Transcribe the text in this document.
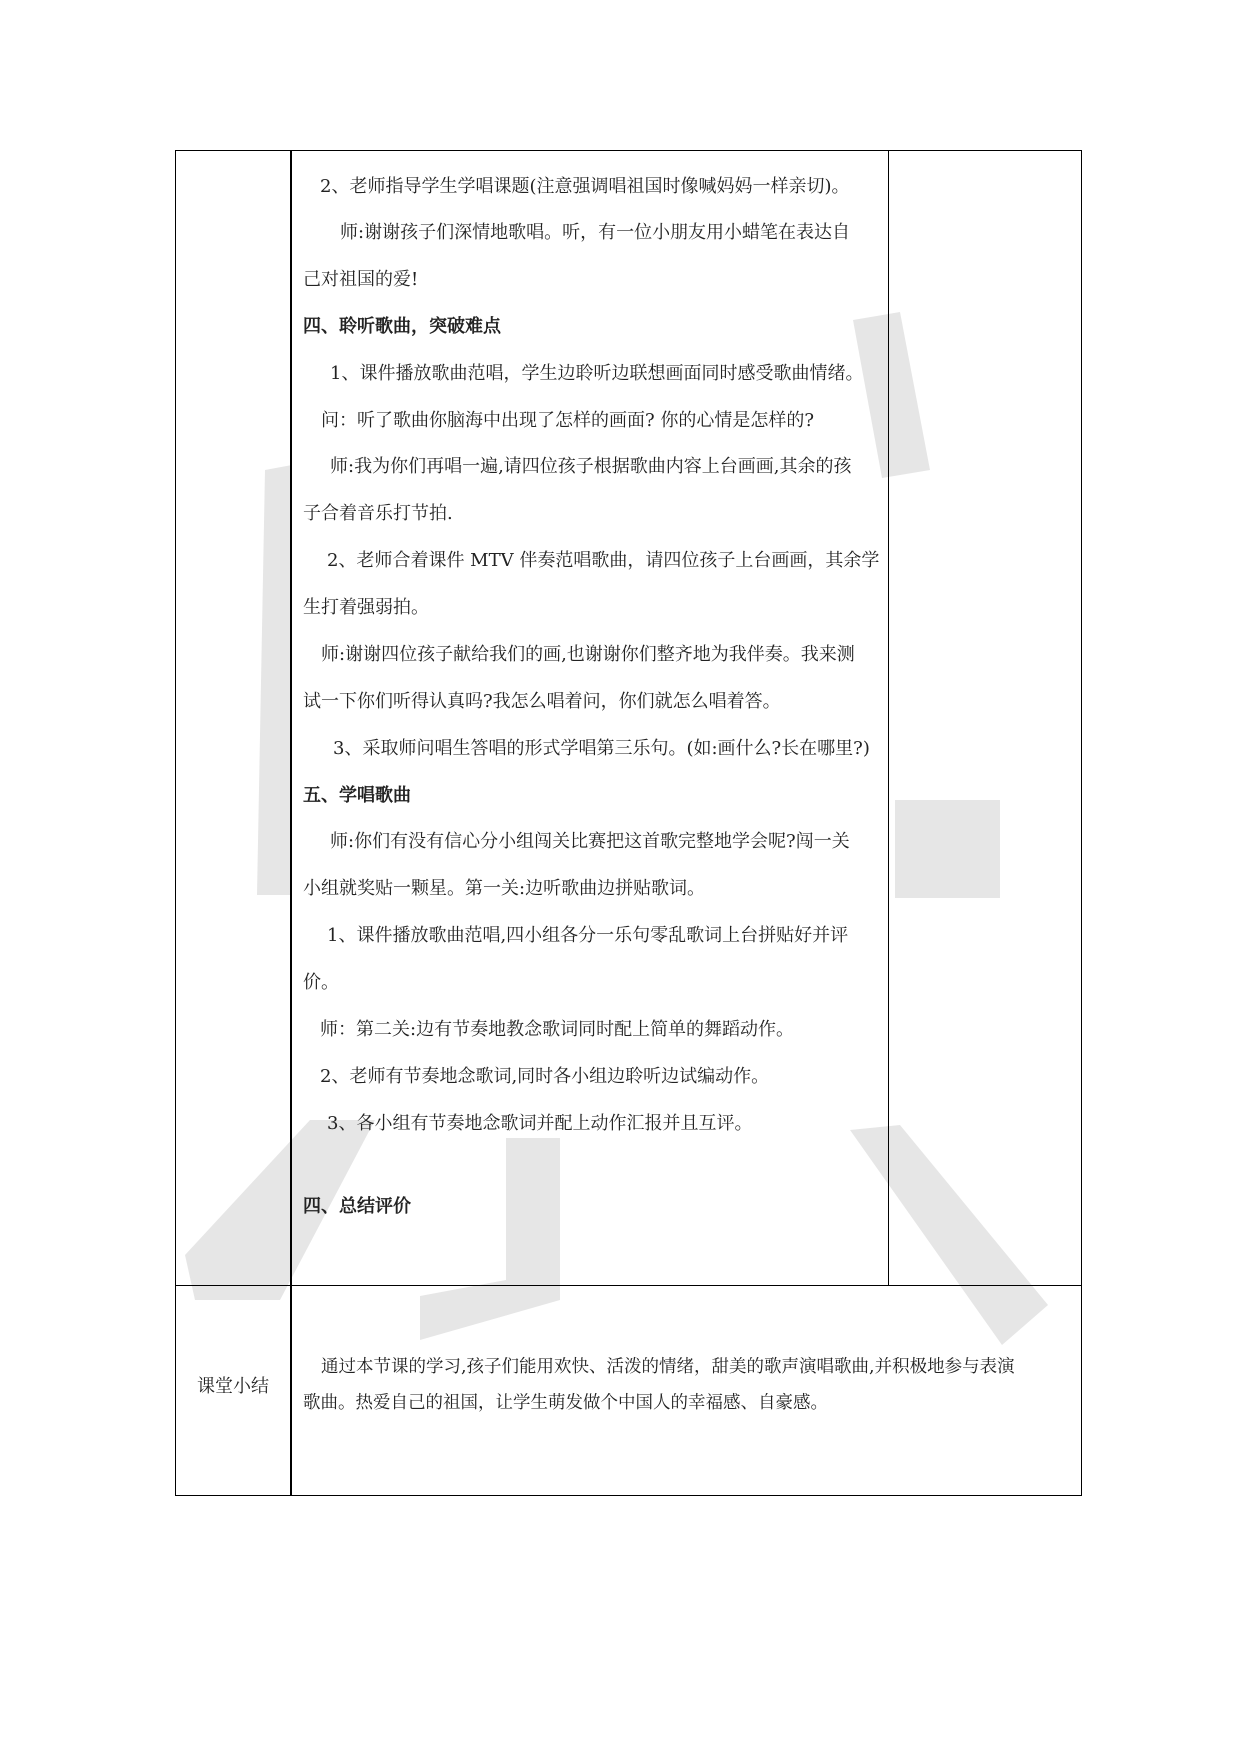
2、老师指导学生学唱课题(注意强调唱祖国时像喊妈妈一样亲切)。
师:谢谢孩子们深情地歌唱。听，有一位小朋友用小蜡笔在表达自
己对祖国的爱!
四、聆听歌曲，突破难点
1、课件播放歌曲范唱，学生边聆听边联想画面同时感受歌曲情绪。
问：听了歌曲你脑海中出现了怎样的画面? 你的心情是怎样的?
师:我为你们再唱一遍,请四位孩子根据歌曲内容上台画画,其余的孩
子合着音乐打节拍.
2、老师合着课件 MTV 伴奏范唱歌曲，请四位孩子上台画画，其余学
生打着强弱拍。
师:谢谢四位孩子献给我们的画,也谢谢你们整齐地为我伴奏。我来测
试一下你们听得认真吗?我怎么唱着问，你们就怎么唱着答。
3、采取师问唱生答唱的形式学唱第三乐句。(如:画什么?长在哪里?)
五、学唱歌曲
师:你们有没有信心分小组闯关比赛把这首歌完整地学会呢?闯一关
小组就奖贴一颗星。第一关:边听歌曲边拼贴歌词。
1、课件播放歌曲范唱,四小组各分一乐句零乱歌词上台拼贴好并评
价。
师：第二关:边有节奏地教念歌词同时配上简单的舞蹈动作。
2、老师有节奏地念歌词,同时各小组边聆听边试编动作。
3、各小组有节奏地念歌词并配上动作汇报并且互评。
四、总结评价
课堂小结
通过本节课的学习,孩子们能用欢快、活泼的情绪，甜美的歌声演唱歌曲,并积极地参与表演
歌曲。热爱自己的祖国，让学生萌发做个中国人的幸福感、自豪感。
